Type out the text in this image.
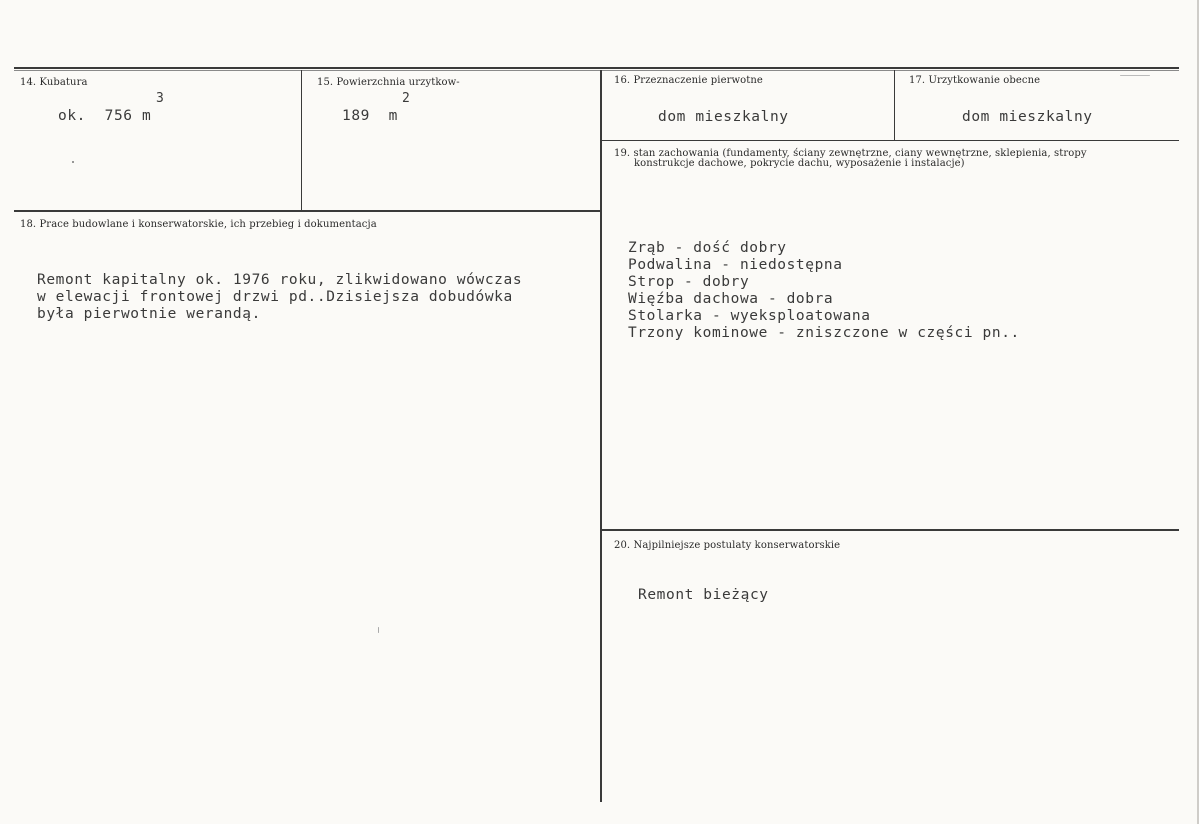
14. Kubatura
3
ok.  756 m
15. Powierzchnia urzytkow-
2
189  m
16. Przeznaczenie pierwotne
dom mieszkalny
17. Urzytkowanie obecne
dom mieszkalny
18. Prace budowlane i konserwatorskie, ich przebieg i dokumentacja
Remont kapitalny ok. 1976 roku, zlikwidowano wówczas
w elewacji frontowej drzwi pd..Dzisiejsza dobudówka
była pierwotnie werandą.
19. stan zachowania (fundamenty, ściany zewnętrzne, ciany wewnętrzne, sklepienia, stropy
konstrukcje dachowe, pokrycie dachu, wyposażenie i instalacje)
Zrąb - dość dobry
Podwalina - niedostępna
Strop - dobry
Więźba dachowa - dobra
Stolarka - wyeksploatowana
Trzony kominowe - zniszczone w części pn..
20. Najpilniejsze postulaty konserwatorskie
Remont bieżący
